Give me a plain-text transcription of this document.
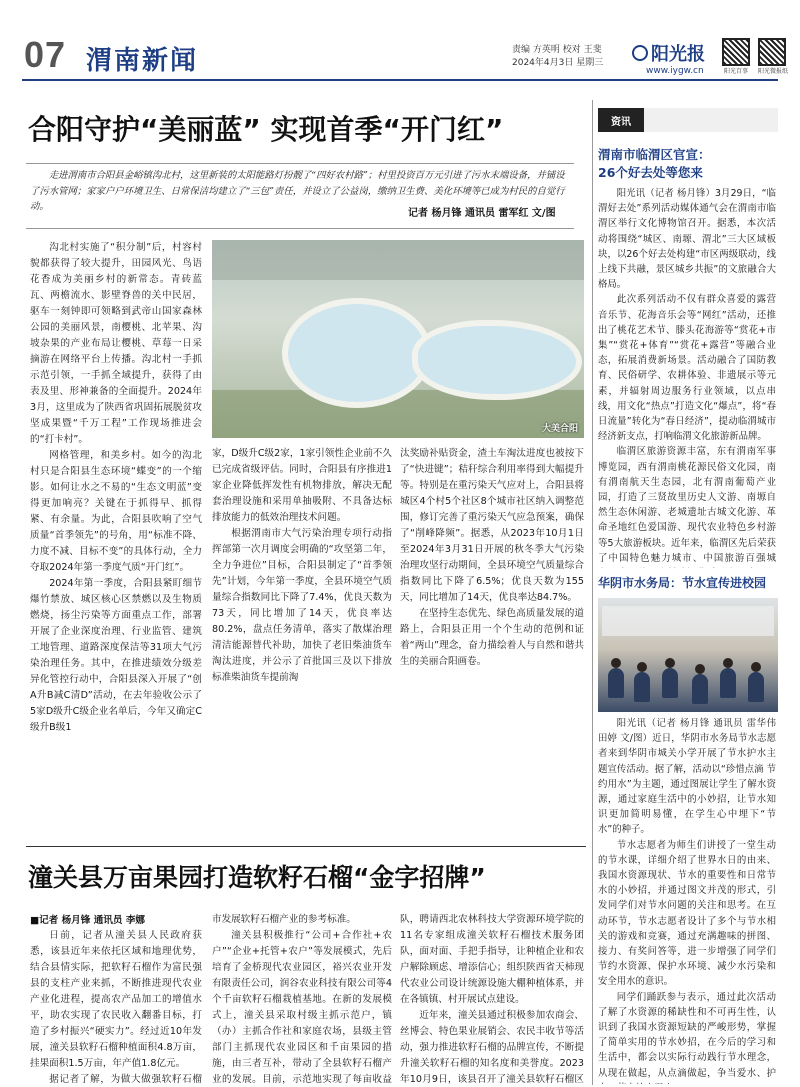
07 渭南新闻	责编 方英明 校对 王斐
2024年4月3日 星期三	阳光报
www.iygw.cn	阳光百事	阳光微报纸
合阳守护“美丽蓝” 实现首季“开门红”
走进渭南市合阳县金峪镇沟北村，这里新装的太阳能路灯扮靓了“四好农村路”；村里投资百万元引进了污水末端设备，并铺设了污水管网；家家户户环境卫生、日常保洁均建立了“三包”责任，并设立了公益岗，缴纳卫生费、美化环境等已成为村民的自觉行动。
记者 杨月锋 通讯员 雷军红 文/图

沟北村实施了“积分制”后，村容村貌都获得了较大提升，田园风光、鸟语花香成为美丽乡村的新常态。青砖蓝瓦、两檐流水、影壁脊兽的关中民居，驱车一刻钟即可领略到武帝山国家森林公园的美丽风景，南樱桃、北苹果、沟坡杂果的产业布局让樱桃、草莓一日采摘游在网络平台上传播。沟北村一手抓示范引领，一手抓全域提升，获得了由表及里、形神兼备的全面提升。2024年3月，这里成为了陕西省巩固拓展脱贫攻坚成果暨“千万工程”工作现场推进会的“打卡村”。

网格管理，和美乡村。如今的沟北村只是合阳县生态环境“蝶变”的一个缩影。如何让水之不易的“生态文明蓝”变得更加响亮？关键在于抓得早、抓得紧、有余量。为此，合阳县吹响了空气质量“首季领先”的号角，用“标准不降、力度不减、目标不变”的具体行动，全力夺取2024年第一季度气质“开门红”。

2024年第一季度，合阳县紧盯细节爆竹禁放、城区核心区禁燃以及生物质燃烧，扬尘污染等方面重点工作，部署开展了企业深度治理、行业监管、建筑工地管理、道路深度保洁等31项大气污染治理任务。其中，在推进绩效分级差异化管控行动中，合阳县深入开展了“创A升B减C清D”活动，在去年验收公示了5家D级升C级企业名单后，今年又确定C级升B级1

大美合阳

家，D级升C级2家，1家引领性企业前不久已完成省级评估。同时，合阳县有序推进1家企业降低挥发性有机物排放，解决无配套治理设施和采用单抽吸附、不具备达标排放能力的低效治理技术问题。

根据渭南市大气污染治理专项行动指挥部第一次月调度会明确的“攻坚第二年，全力争进位”目标，合阳县制定了“首季领先”计划，今年第一季度，全县环境空气质量综合指数同比下降了7.4%，优良天数为73天，同比增加了14天，优良率达80.2%，盘点任务清单，落实了散煤治理清洁能源替代补助，加快了老旧柴油货车淘汰进度，并公示了首批国三及以下排放标准柴油货车提前淘

汰奖励补贴资金，渣土车淘汰进度也被按下了“快进键”；秸秆综合利用率得到大幅提升等。特别是在重污染天气应对上，合阳县将城区4个村5个社区8个城市社区纳入调整范围，修订完善了重污染天气应急预案，确保了“削峰降频”。据悉，从2023年10月1日至2024年3月31日开展的秋冬季大气污染治理攻坚行动期间，全县环境空气质量综合指数同比下降了6.5%；优良天数为155天，同比增加了14天，优良率达84.7%。

在坚持生态优先、绿色高质量发展的道路上，合阳县正用一个个生动的范例和证着“两山”理念，奋力描绘着人与自然和谐共生的美丽合阳画卷。

潼关县万亩果园打造软籽石榴“金字招牌”
■记者 杨月锋 通讯员 李娜

日前，记者从潼关县人民政府获悉，该县近年来依托区域和地理优势，结合县情实际，把软籽石榴作为富民强县的支柱产业来抓，不断推进现代农业产业化进程，提高农产品加工的增值水平，助农实现了农民收入翻番目标，打造了乡村振兴“硬实力”。经过近10年发展，潼关县软籽石榴种植面积4.8万亩，挂果面积1.5万亩，年产值1.8亿元。

据记者了解，为做大做强软籽石榴

市发展软籽石榴产业的参考标准。

潼关县积极推行“公司+合作社+农户”“企业+托管+农户”等发展模式，先后培育了金桥现代农业园区，裕兴农业开发有限责任公司，润谷农业科技有限公司等4个千亩软籽石榴栽植基地。在新的发展模式上，潼关县采取村级主抓示范户，镇（办）主抓合作社和家庭农场，县级主管部门主抓现代农业园区和千亩果园的措施，由三者互补，带动了全县软籽石榴产业的发展。目前，示范地实现了每亩收益

队，聘请西北农林科技大学资源环境学院的11名专家组成潼关软籽石榴技术服务团队，面对面、手把手指导，让种植企业和农户解除顾虑、增添信心；组织陕西省天柿现代农业公司设计统源设施大棚种植体系，并在各镇镇、村开展试点建设。

近年来，潼关县通过积极参加农商会、丝博会、特色果业展销会、农民丰收节等活动，强力推进软籽石榴的品牌宣传，不断提升潼关软籽石榴的知名度和美誉度。2023年10月9日，该县召开了潼关县软籽石榴区

资讯
渭南市临渭区官宣：
26个好去处等您来

阳光讯（记者 杨月锋）3月29日，“临渭好去处”系列活动媒体通气会在渭南市临渭区举行文化博物馆召开。据悉，本次活动将围绕“城区、南塬、渭北”三大区域板块，以26个好去处构建“市区两级联动，线上线下共融，景区城乡共振”的文旅融合大格局。

此次系列活动不仅有群众喜爱的露营音乐节、花海音乐会等“网红”活动，还推出了桃花艺术节、滕头花海游等“赏花+市集”“赏花+体育”“赏花+露营”等融合业态，拓展消费新场景。活动融合了国防教育、民俗研学、农耕体验、非遗展示等元素，并辐射周边服务行业领域，以点串线，用文化“热点”打造文化“爆点”，将“春日流量”转化为“春日经济”，提动临渭城市经济新支点，打响临渭文化旅游新品牌。

临渭区旅游资源丰富，东有渭南军事博览园，西有渭南桃花源民俗文化园，南有渭南航天生态园，北有渭南葡萄产业园，打造了三贤故里历史人文游、南塬自然生态休闲游、老城遗址古城文化游、革命圣地红色爱国游、现代农业特色乡村游等5大旅游板块。近年来，临渭区先后荣获了中国特色魅力城市、中国旅游百强城

华阴市水务局：节水宣传进校园

阳光讯（记者 杨月锋 通讯员 雷华伟 田婷 文/图）近日，华阴市水务局节水志愿者来到华阴市城关小学开展了节水护水主题宣传活动。据了解，活动以“珍惜点滴 节约用水”为主题，通过图展让学生了解水资源，通过家庭生活中的小妙招，让节水知识更加简明易懂，在学生心中埋下“节水”的种子。

节水志愿者为师生们讲授了一堂生动的节水课，详细介绍了世界水日的由来、我国水资源现状、节水的重要性和日常节水的小妙招，并通过图文并茂的形式，引发同学们对节水问题的关注和思考。在互动环节，节水志愿者设计了多个与节水相关的游戏和竞赛，通过充满趣味的拼图、接力、有奖问答等，进一步增强了同学们节约水资源、保护水环境、减少水污染和安全用水的意识。

同学们踊跃参与表示，通过此次活动了解了水资源的稀缺性和不可再生性，认识到了我国水资源短缺的严峻形势，掌握了简单实用的节水妙招，在今后的学习和生活中，都会以实际行动践行节水理念，从现在做起，从点滴做起，争当爱水、护
